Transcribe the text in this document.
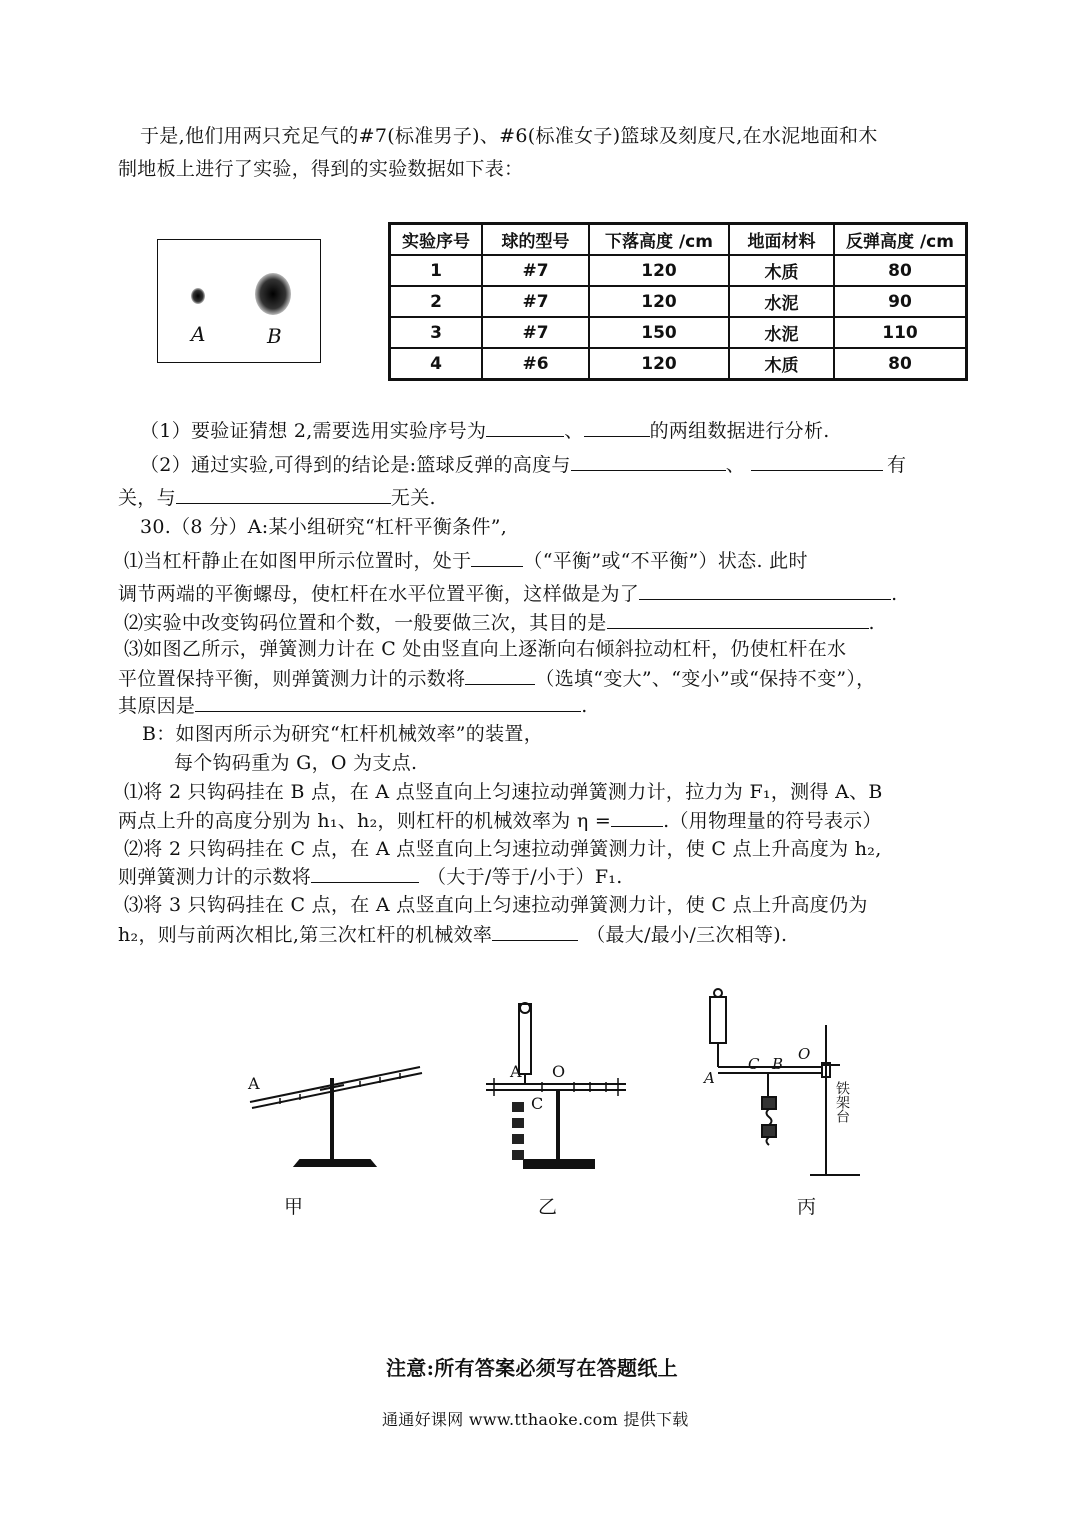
于是,他们用两只充足气的#7(标准男子)、#6(标准女子)篮球及刻度尺,在水泥地面和木
制地板上进行了实验，得到的实验数据如下表：
A	B
实验序号	球的型号	下落高度 /cm	地面材料	反弹高度 /cm
1	#7	120	木质	80
2	#7	120	水泥	90
3	#7	150	水泥	110
4	#6	120	木质	80
（1）要验证猜想 2,需要选用实验序号为	、	的两组数据进行分析.
（2）通过实验,可得到的结论是:篮球反弹的高度与	、	有
关，与	无关.
30.（8 分）A:某小组研究“杠杆平衡条件”,
⑴当杠杆静止在如图甲所示位置时，处于	（“平衡”或“不平衡”）状态. 此时
调节两端的平衡螺母，使杠杆在水平位置平衡，这样做是为了	.
⑵实验中改变钩码位置和个数，一般要做三次，其目的是	.
⑶如图乙所示，弹簧测力计在 C 处由竖直向上逐渐向右倾斜拉动杠杆，仍使杠杆在水
平位置保持平衡，则弹簧测力计的示数将	（选填“变大”、“变小”或“保持不变”），
其原因是	.
B：如图丙所示为研究“杠杆机械效率”的装置，
每个钩码重为 G，O 为支点.
⑴将 2 只钩码挂在 B 点，在 A 点竖直向上匀速拉动弹簧测力计，拉力为 F₁，测得 A、B
两点上升的高度分别为 h₁、h₂，则杠杆的机械效率为 η =	.（用物理量的符号表示）
⑵将 2 只钩码挂在 C 点，在 A 点竖直向上匀速拉动弹簧测力计，使 C 点上升高度为 h₂,
则弹簧测力计的示数将	（大于/等于/小于）F₁.
⑶将 3 只钩码挂在 C 点，在 A 点竖直向上匀速拉动弹簧测力计，使 C 点上升高度仍为
h₂，则与前两次相比,第三次杠杆的机械效率	（最大/最小/三次相等).
A
甲
A O
C
乙
A
C B
O
铁架台
丙
注意:所有答案必须写在答题纸上
通通好课网 www.tthaoke.com 提供下载
